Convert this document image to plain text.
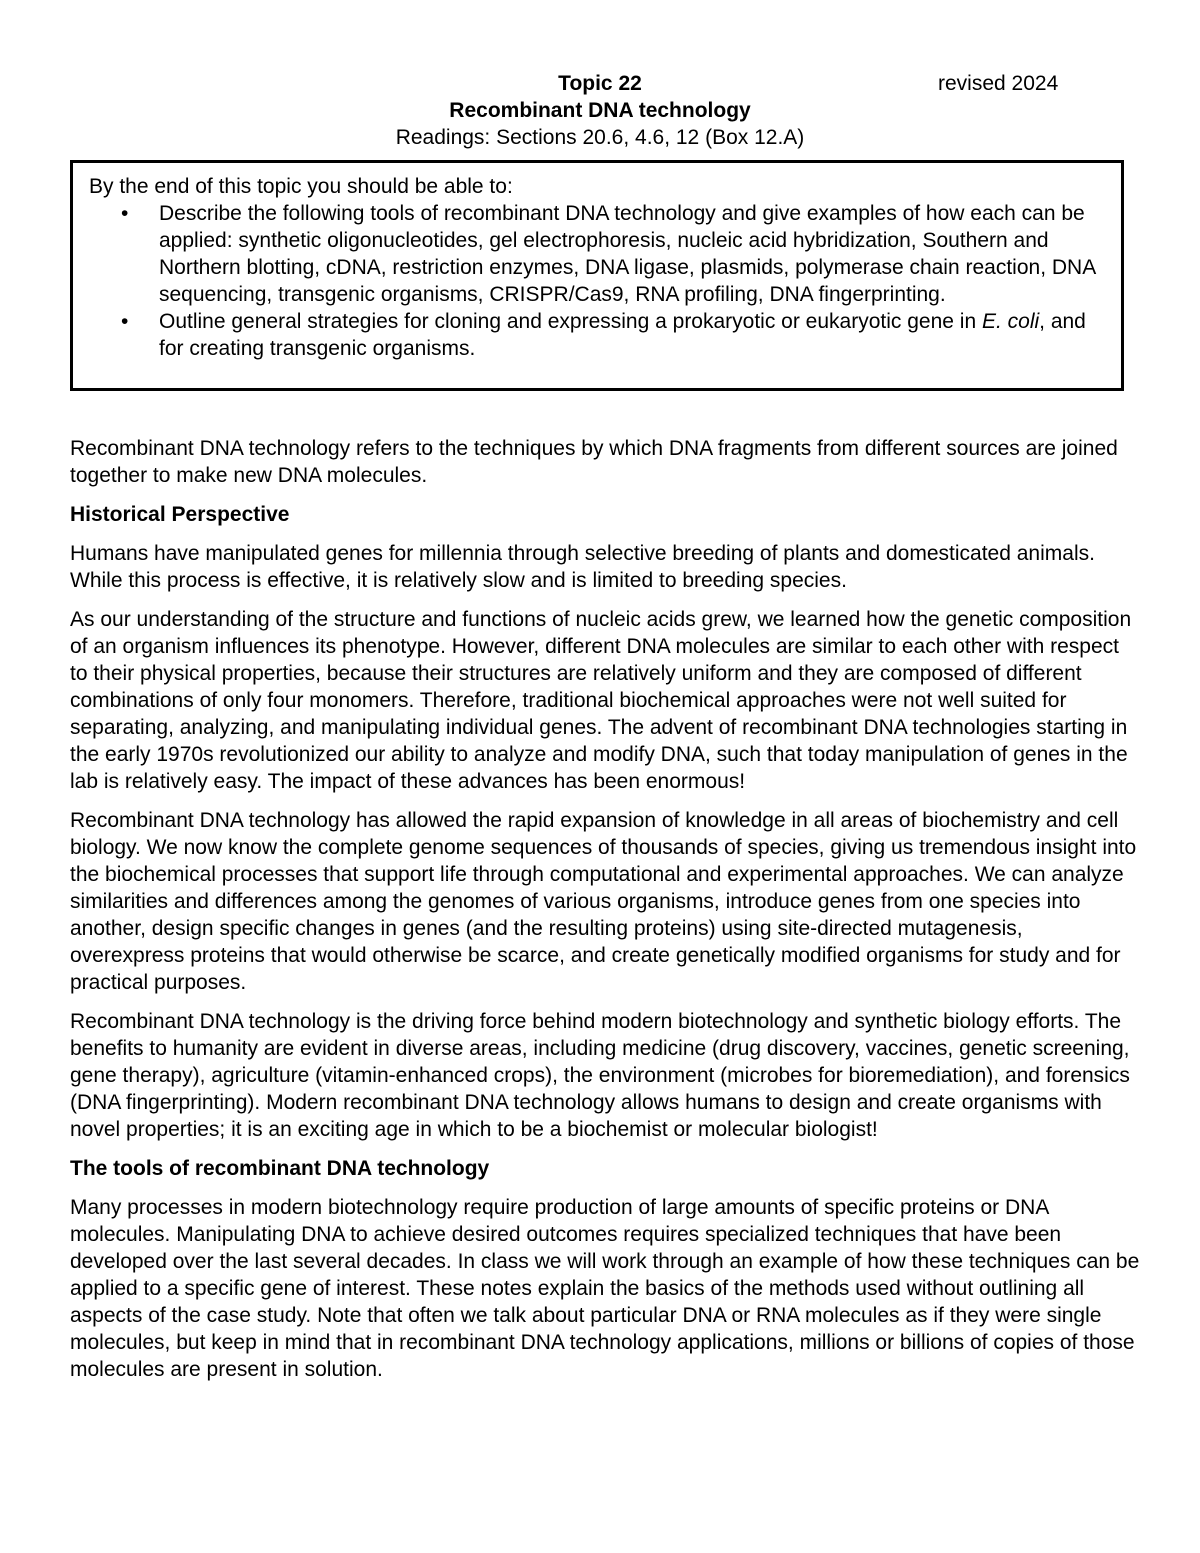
Topic 22
Recombinant DNA technology
Readings: Sections 20.6, 4.6, 12 (Box 12.A)
revised 2024
By the end of this topic you should be able to:
• Describe the following tools of recombinant DNA technology and give examples of how each can be applied: synthetic oligonucleotides, gel electrophoresis, nucleic acid hybridization, Southern and Northern blotting, cDNA, restriction enzymes, DNA ligase, plasmids, polymerase chain reaction, DNA sequencing, transgenic organisms, CRISPR/Cas9, RNA profiling, DNA fingerprinting.
• Outline general strategies for cloning and expressing a prokaryotic or eukaryotic gene in E. coli, and for creating transgenic organisms.

Recombinant DNA technology refers to the techniques by which DNA fragments from different sources are joined together to make new DNA molecules.

Historical Perspective

Humans have manipulated genes for millennia through selective breeding of plants and domesticated animals. While this process is effective, it is relatively slow and is limited to breeding species.

As our understanding of the structure and functions of nucleic acids grew, we learned how the genetic composition of an organism influences its phenotype. However, different DNA molecules are similar to each other with respect to their physical properties, because their structures are relatively uniform and they are composed of different combinations of only four monomers. Therefore, traditional biochemical approaches were not well suited for separating, analyzing, and manipulating individual genes. The advent of recombinant DNA technologies starting in the early 1970s revolutionized our ability to analyze and modify DNA, such that today manipulation of genes in the lab is relatively easy. The impact of these advances has been enormous!

Recombinant DNA technology has allowed the rapid expansion of knowledge in all areas of biochemistry and cell biology. We now know the complete genome sequences of thousands of species, giving us tremendous insight into the biochemical processes that support life through computational and experimental approaches. We can analyze similarities and differences among the genomes of various organisms, introduce genes from one species into another, design specific changes in genes (and the resulting proteins) using site-directed mutagenesis, overexpress proteins that would otherwise be scarce, and create genetically modified organisms for study and for practical purposes.

Recombinant DNA technology is the driving force behind modern biotechnology and synthetic biology efforts. The benefits to humanity are evident in diverse areas, including medicine (drug discovery, vaccines, genetic screening, gene therapy), agriculture (vitamin-enhanced crops), the environment (microbes for bioremediation), and forensics (DNA fingerprinting). Modern recombinant DNA technology allows humans to design and create organisms with novel properties; it is an exciting age in which to be a biochemist or molecular biologist!

The tools of recombinant DNA technology

Many processes in modern biotechnology require production of large amounts of specific proteins or DNA molecules. Manipulating DNA to achieve desired outcomes requires specialized techniques that have been developed over the last several decades. In class we will work through an example of how these techniques can be applied to a specific gene of interest. These notes explain the basics of the methods used without outlining all aspects of the case study. Note that often we talk about particular DNA or RNA molecules as if they were single molecules, but keep in mind that in recombinant DNA technology applications, millions or billions of copies of those molecules are present in solution.
